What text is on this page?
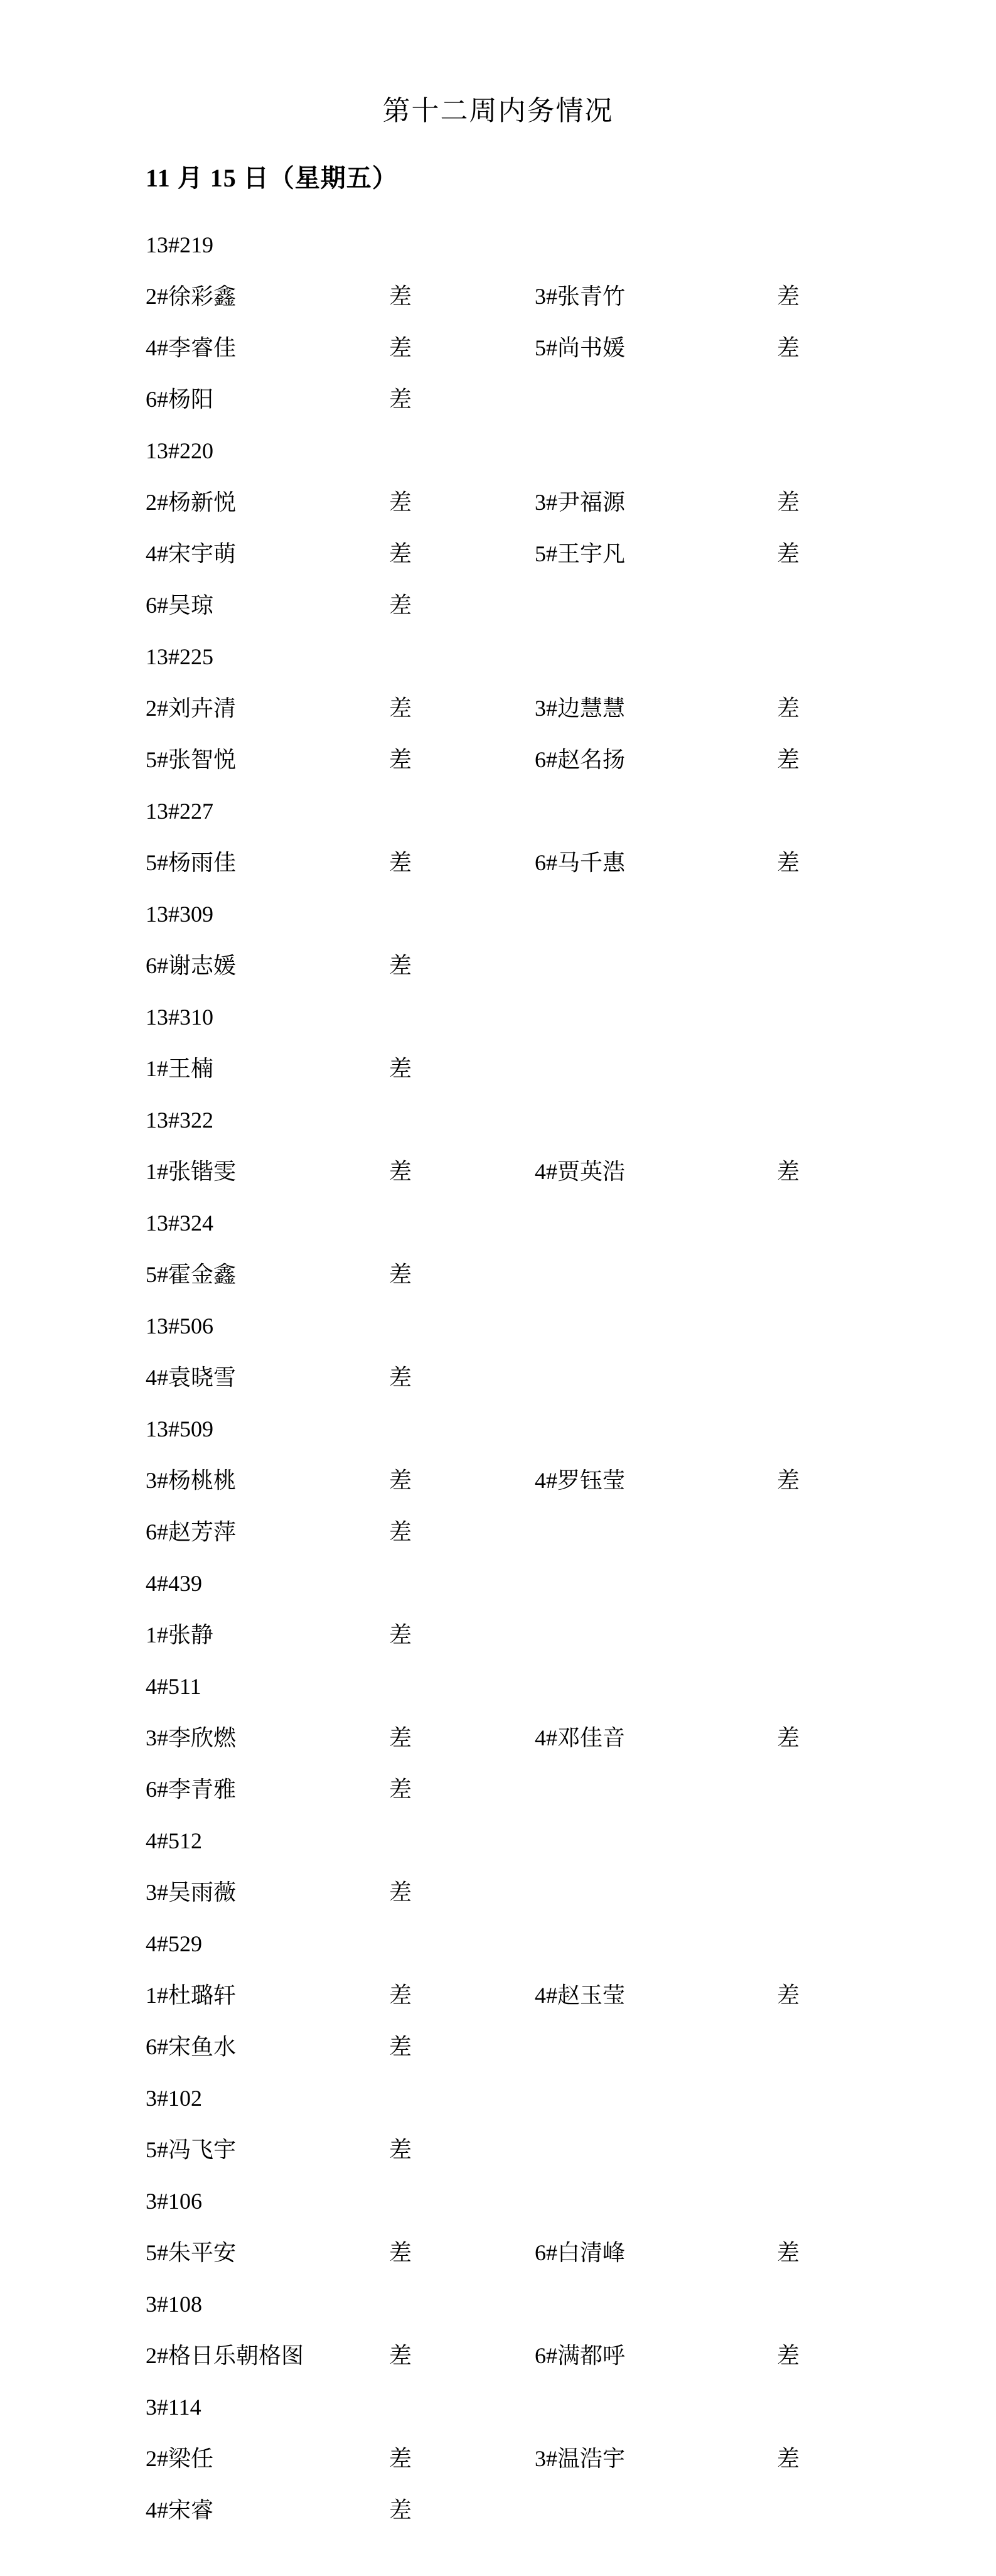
第十二周内务情况
11 月 15 日（星期五）
13#219
2#徐彩鑫	差	3#张青竹	差
4#李睿佳	差	5#尚书媛	差
6#杨阳	差
13#220
2#杨新悦	差	3#尹福源	差
4#宋宇萌	差	5#王宇凡	差
6#吴琼	差
13#225
2#刘卉清	差	3#边慧慧	差
5#张智悦	差	6#赵名扬	差
13#227
5#杨雨佳	差	6#马千惠	差
13#309
6#谢志媛	差
13#310
1#王楠	差
13#322
1#张锴雯	差	4#贾英浩	差
13#324
5#霍金鑫	差
13#506
4#袁晓雪	差
13#509
3#杨桃桃	差	4#罗钰莹	差
6#赵芳萍	差
4#439
1#张静	差
4#511
3#李欣燃	差	4#邓佳音	差
6#李青雅	差
4#512
3#吴雨薇	差
4#529
1#杜璐轩	差	4#赵玉莹	差
6#宋鱼水	差
3#102
5#冯飞宇	差
3#106
5#朱平安	差	6#白清峰	差
3#108
2#格日乐朝格图	差	6#满都呼	差
3#114
2#梁任	差	3#温浩宇	差
4#宋睿	差
